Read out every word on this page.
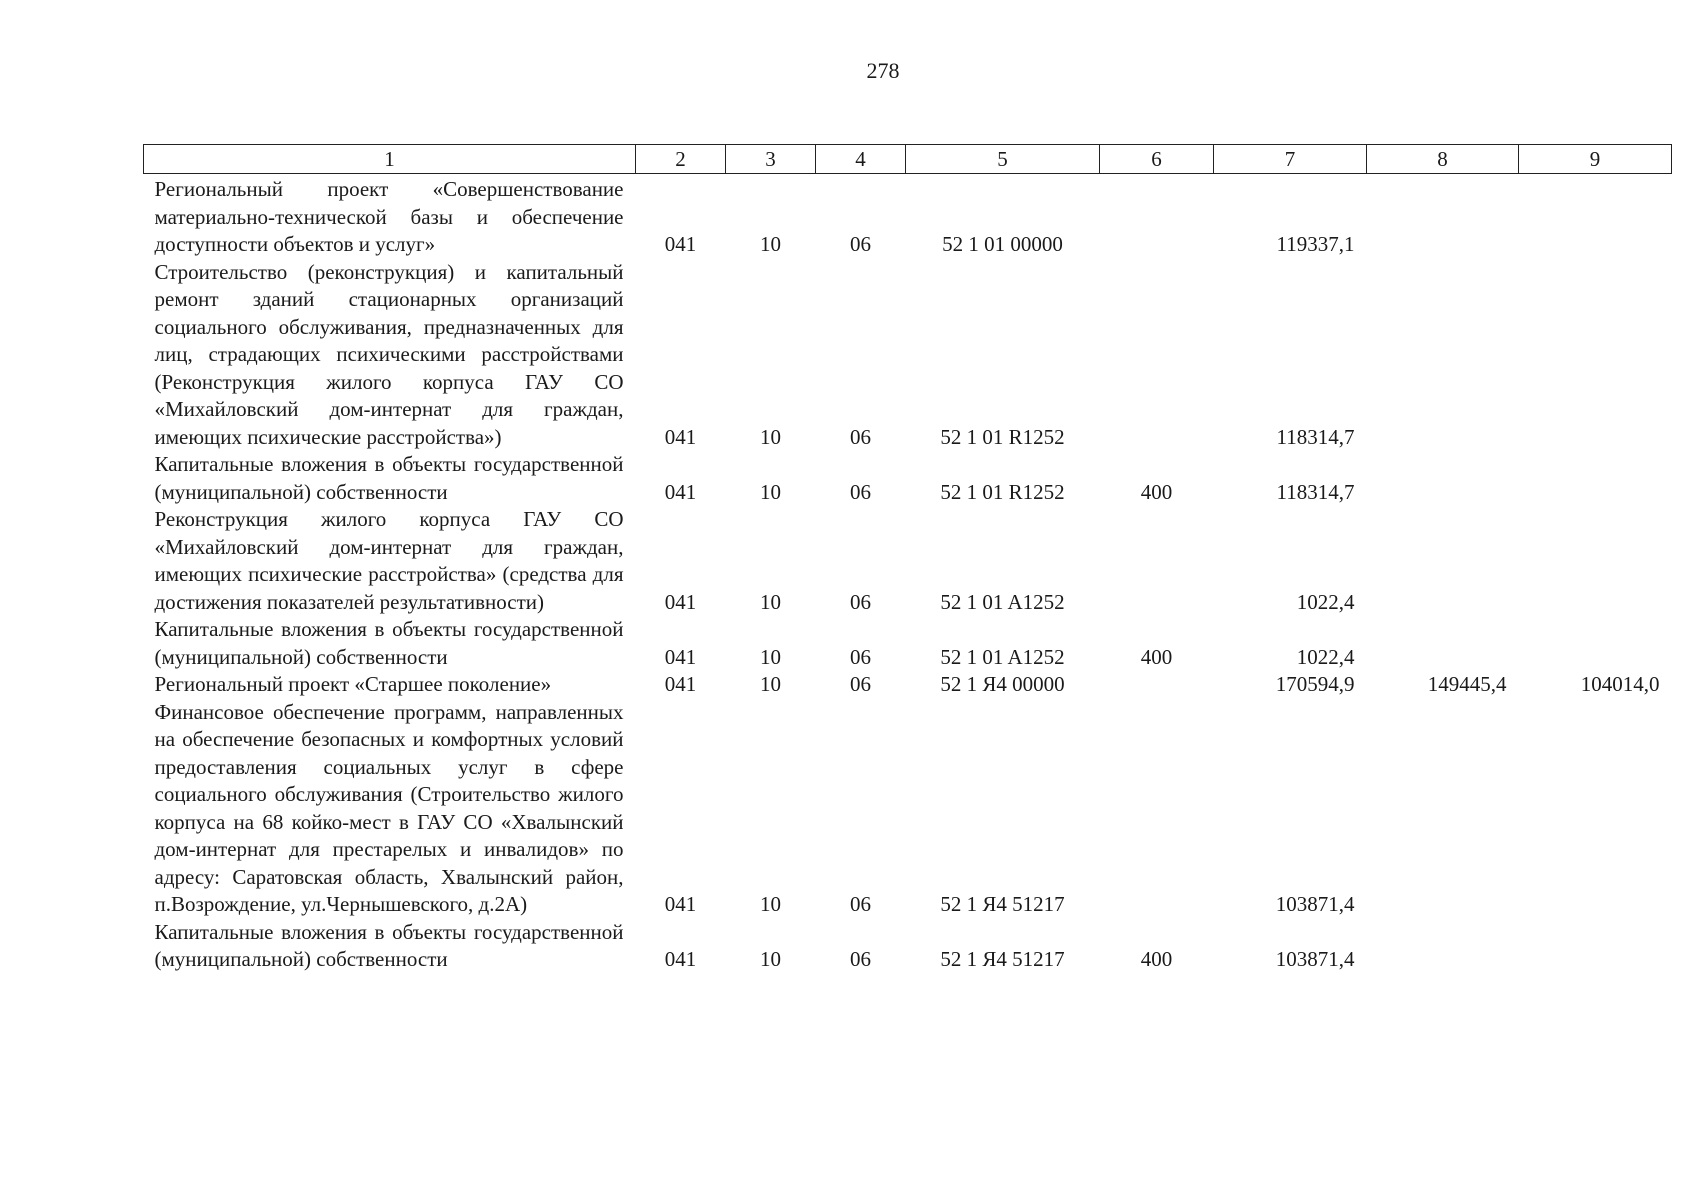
278
1	2	3	4	5	6	7	8	9
Региональный проект «Совершенствование материально-технической базы и обеспечение доступности объектов и услуг»	041	10	06	52 1 01 00000		119337,1		
Строительство (реконструкция) и капитальный ремонт зданий стационарных организаций социального обслуживания, предназначенных для лиц, страдающих психическими расстройствами (Реконструкция жилого корпуса ГАУ СО «Михайловский дом-интернат для граждан, имеющих психические расстройства»)	041	10	06	52 1 01 R1252		118314,7		
Капитальные вложения в объекты государственной (муниципальной) собственности	041	10	06	52 1 01 R1252	400	118314,7		
Реконструкция жилого корпуса ГАУ СО «Михайловский дом-интернат для граждан, имеющих психические расстройства» (средства для достижения показателей результативности)	041	10	06	52 1 01 A1252		1022,4		
Капитальные вложения в объекты государственной (муниципальной) собственности	041	10	06	52 1 01 A1252	400	1022,4		
Региональный проект «Старшее поколение»	041	10	06	52 1 Я4 00000		170594,9	149445,4	104014,0
Финансовое обеспечение программ, направленных на обеспечение безопасных и комфортных условий предоставления социальных услуг в сфере социального обслуживания (Строительство жилого корпуса на 68 койко-мест в ГАУ СО «Хвалынский дом-интернат для престарелых и инвалидов» по адресу: Саратовская область, Хвалынский район, п.Возрождение, ул.Чернышевского, д.2А)	041	10	06	52 1 Я4 51217		103871,4		
Капитальные вложения в объекты государственной (муниципальной) собственности	041	10	06	52 1 Я4 51217	400	103871,4		
